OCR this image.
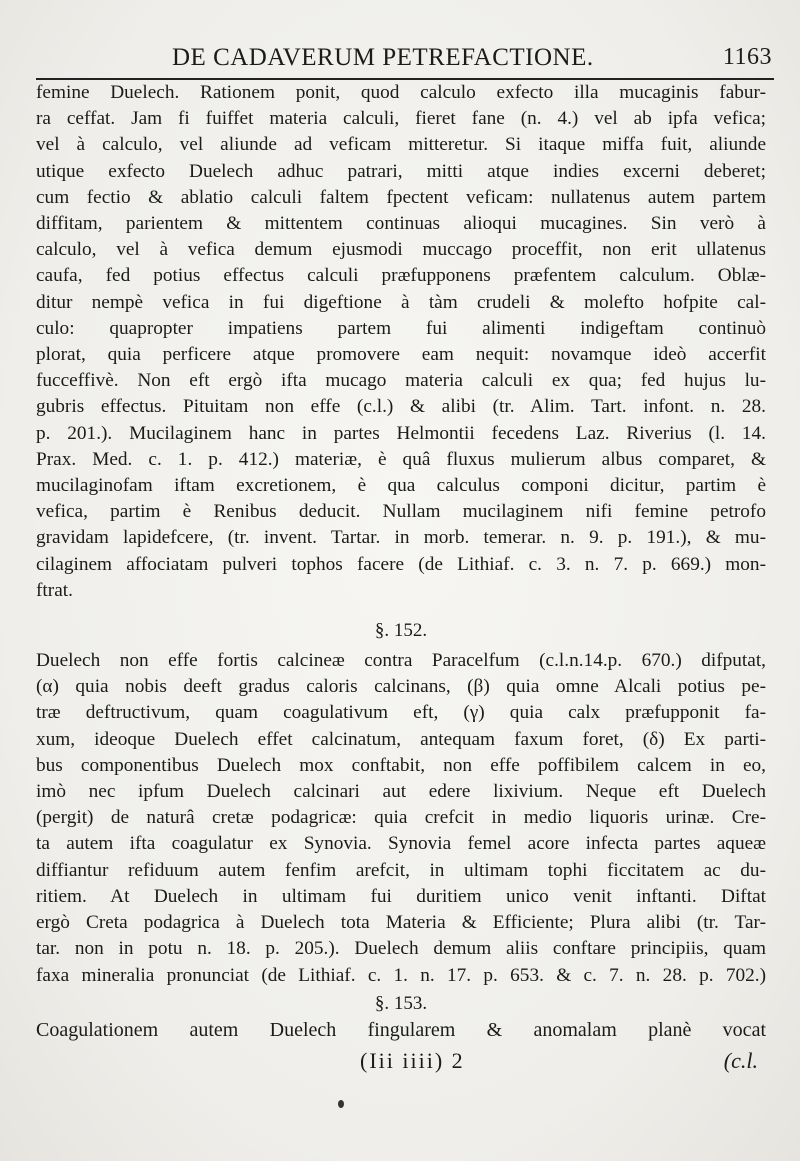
DE CADAVERUM PETREFACTIONE.	1163
femine Duelech. Rationem ponit, quod calculo exfecto illa mucaginis fabur-
ra ceffat. Jam fi fuiffet materia calculi, fieret fane (n. 4.) vel ab ipfa vefica;
vel à calculo, vel aliunde ad veficam mitteretur. Si itaque miffa fuit, aliunde
utique exfecto Duelech adhuc patrari, mitti atque indies excerni deberet;
cum fectio & ablatio calculi faltem fpectent veficam: nullatenus autem partem
diffitam, parientem & mittentem continuas alioqui mucagines. Sin verò à
calculo, vel à vefica demum ejusmodi muccago proceffit, non erit ullatenus
caufa, fed potius effectus calculi præfupponens præfentem calculum. Oblæ-
ditur nempè vefica in fui digeftione à tàm crudeli & molefto hofpite cal-
culo: quapropter impatiens partem fui alimenti indigeftam continuò
plorat, quia perficere atque promovere eam nequit: novamque ideò accerfit
fucceffivè. Non eft ergò ifta mucago materia calculi ex qua; fed hujus lu-
gubris effectus. Pituitam non effe (c.l.) & alibi (tr. Alim. Tart. infont. n. 28.
p. 201.). Mucilaginem hanc in partes Helmontii fecedens Laz. Riverius (l. 14.
Prax. Med. c. 1. p. 412.) materiæ, è quâ fluxus mulierum albus comparet, &
mucilaginofam iftam excretionem, è qua calculus componi dicitur, partim è
vefica, partim è Renibus deducit. Nullam mucilaginem nifi femine petrofo
gravidam lapidefcere, (tr. invent. Tartar. in morb. temerar. n. 9. p. 191.), & mu-
cilaginem affociatam pulveri tophos facere (de Lithiaf. c. 3. n. 7. p. 669.) mon-
ftrat.
§. 152.
Duelech non effe fortis calcineæ contra Paracelfum (c.l.n.14.p. 670.) difputat,
(α) quia nobis deeft gradus caloris calcinans, (β) quia omne Alcali potius pe-
træ deftructivum, quam coagulativum eft, (γ) quia calx præfupponit fa-
xum, ideoque Duelech effet calcinatum, antequam faxum foret, (δ) Ex parti-
bus componentibus Duelech mox conftabit, non effe poffibilem calcem in eo,
imò nec ipfum Duelech calcinari aut edere lixivium. Neque eft Duelech
(pergit) de naturâ cretæ podagricæ: quia crefcit in medio liquoris urinæ. Cre-
ta autem ifta coagulatur ex Synovia. Synovia femel acore infecta partes aqueæ
diffiantur refiduum autem fenfim arefcit, in ultimam tophi ficcitatem ac du-
ritiem. At Duelech in ultimam fui duritiem unico venit inftanti. Diftat
ergò Creta podagrica à Duelech tota Materia & Efficiente; Plura alibi (tr. Tar-
tar. non in potu n. 18. p. 205.). Duelech demum aliis conftare principiis, quam
faxa mineralia pronunciat (de Lithiaf. c. 1. n. 17. p. 653. & c. 7. n. 28. p. 702.)
§. 153.
Coagulationem autem Duelech fingularem & anomalam planè vocat
(Iii iiii) 2	(c.l.
